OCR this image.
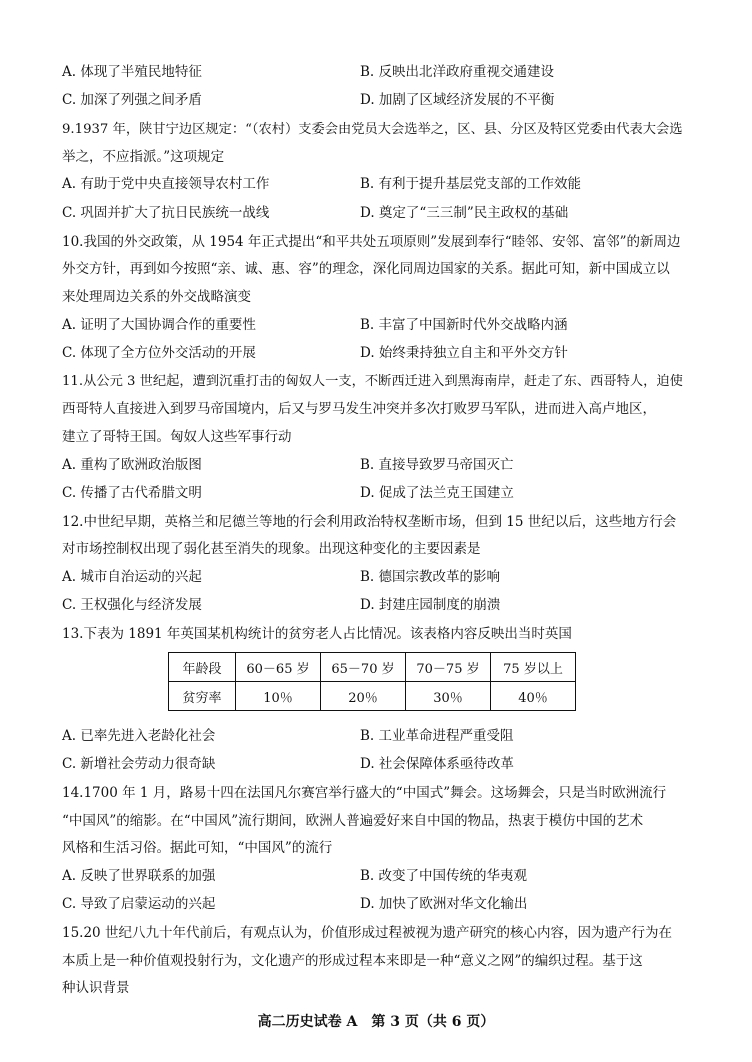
A. 体现了半殖民地特征	B. 反映出北洋政府重视交通建设
C. 加深了列强之间矛盾	D. 加剧了区域经济发展的不平衡
9.1937 年，陕甘宁边区规定：“（农村）支委会由党员大会选举之，区、县、分区及特区党委由代表大会选
举之，不应指派。”这项规定
A. 有助于党中央直接领导农村工作	B. 有利于提升基层党支部的工作效能
C. 巩固并扩大了抗日民族统一战线	D. 奠定了“三三制”民主政权的基础
10.我国的外交政策，从 1954 年正式提出“和平共处五项原则”发展到奉行“睦邻、安邻、富邻”的新周边
外交方针，再到如今按照“亲、诚、惠、容”的理念，深化同周边国家的关系。据此可知，新中国成立以
来处理周边关系的外交战略演变
A. 证明了大国协调合作的重要性	B. 丰富了中国新时代外交战略内涵
C. 体现了全方位外交活动的开展	D. 始终秉持独立自主和平外交方针
11.从公元 3 世纪起，遭到沉重打击的匈奴人一支，不断西迁进入到黑海南岸，赶走了东、西哥特人，迫使
西哥特人直接进入到罗马帝国境内，后又与罗马发生冲突并多次打败罗马军队，进而进入高卢地区，
建立了哥特王国。匈奴人这些军事行动
A. 重构了欧洲政治版图	B. 直接导致罗马帝国灭亡
C. 传播了古代希腊文明	D. 促成了法兰克王国建立
12.中世纪早期，英格兰和尼德兰等地的行会利用政治特权垄断市场，但到 15 世纪以后，这些地方行会
对市场控制权出现了弱化甚至消失的现象。出现这种变化的主要因素是
A. 城市自治运动的兴起	B. 德国宗教改革的影响
C. 王权强化与经济发展	D. 封建庄园制度的崩溃
13.下表为 1891 年英国某机构统计的贫穷老人占比情况。该表格内容反映出当时英国
年龄段	60－65 岁	65－70 岁	70－75 岁	75 岁以上
贫穷率	10％	20％	30％	40％
A. 已率先进入老龄化社会	B. 工业革命进程严重受阻
C. 新增社会劳动力很奇缺	D. 社会保障体系亟待改革
14.1700 年 1 月，路易十四在法国凡尔赛宫举行盛大的“中国式”舞会。这场舞会，只是当时欧洲流行
“中国风”的缩影。在“中国风”流行期间，欧洲人普遍爱好来自中国的物品，热衷于模仿中国的艺术
风格和生活习俗。据此可知，“中国风”的流行
A. 反映了世界联系的加强	B. 改变了中国传统的华夷观
C. 导致了启蒙运动的兴起	D. 加快了欧洲对华文化输出
15.20 世纪八九十年代前后，有观点认为，价值形成过程被视为遗产研究的核心内容，因为遗产行为在
本质上是一种价值观投射行为，文化遗产的形成过程本来即是一种“意义之网”的编织过程。基于这
种认识背景
高二历史试卷 A　第 3 页（共 6 页）
